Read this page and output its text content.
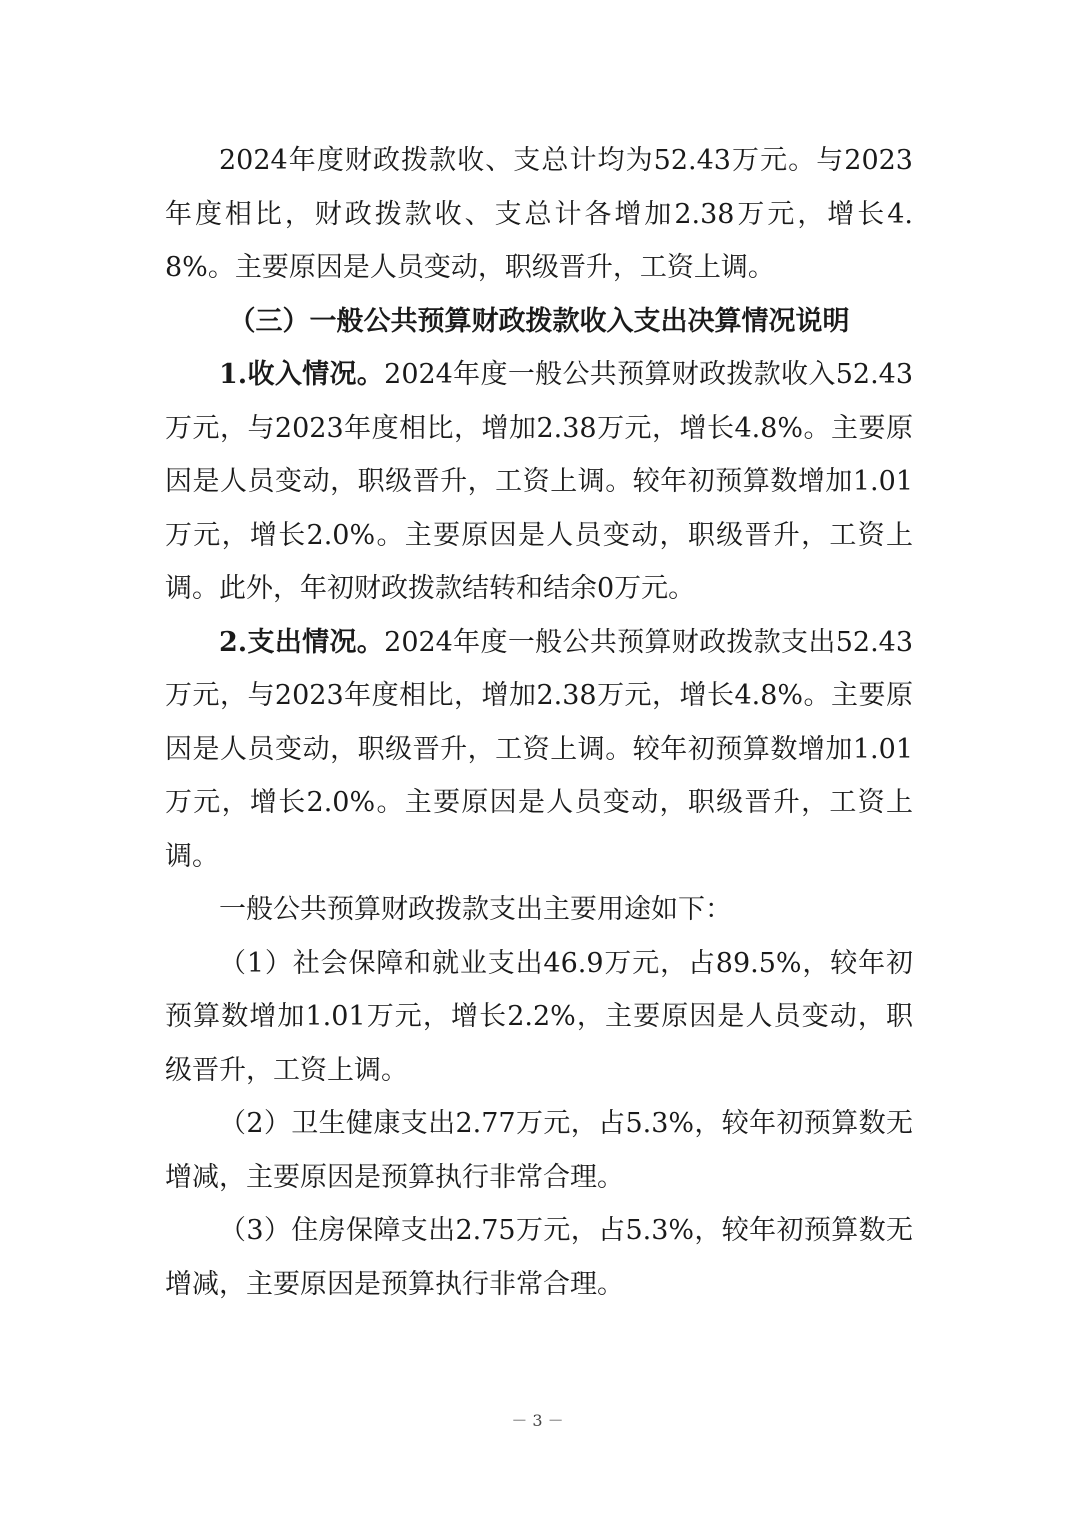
2024年度财政拨款收、支总计均为52.43万元。与2023年度相比，财政拨款收、支总计各增加2.38万元，增长4.8%。主要原因是人员变动，职级晋升，工资上调。

（三）一般公共预算财政拨款收入支出决算情况说明

1.收入情况。2024年度一般公共预算财政拨款收入52.43万元，与2023年度相比，增加2.38万元，增长4.8%。主要原因是人员变动，职级晋升，工资上调。较年初预算数增加1.01万元，增长2.0%。主要原因是人员变动，职级晋升，工资上调。此外，年初财政拨款结转和结余0万元。

2.支出情况。2024年度一般公共预算财政拨款支出52.43万元，与2023年度相比，增加2.38万元，增长4.8%。主要原因是人员变动，职级晋升，工资上调。较年初预算数增加1.01万元，增长2.0%。主要原因是人员变动，职级晋升，工资上调。

一般公共预算财政拨款支出主要用途如下：

（1）社会保障和就业支出46.9万元，占89.5%，较年初预算数增加1.01万元，增长2.2%，主要原因是人员变动，职级晋升，工资上调。

（2）卫生健康支出2.77万元，占5.3%，较年初预算数无增减，主要原因是预算执行非常合理。

（3）住房保障支出2.75万元，占5.3%，较年初预算数无增减，主要原因是预算执行非常合理。

－ 3 －
